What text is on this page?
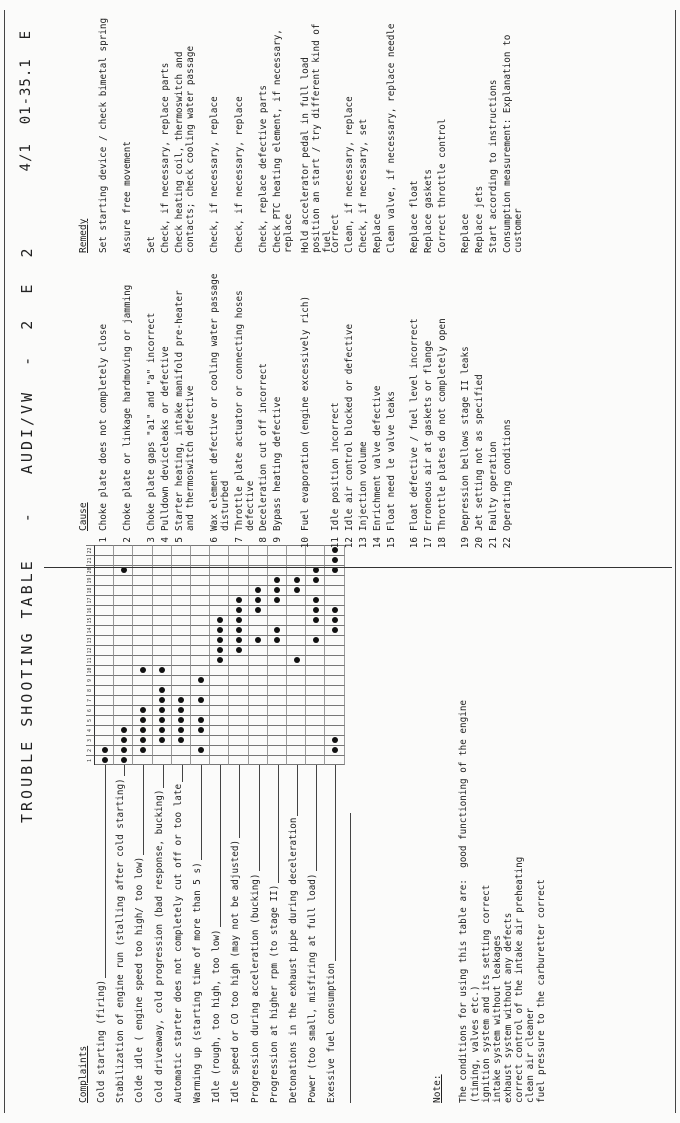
TROUBLE SHOOTING TABLE   -   AUDI/VW  -  2  E  2
4/1  01-35.1  E
Complaints Cold starting (firing) Stabilization of engine run (stalling after cold starting) Colde idle ( engine speed too high/ too low) Cold driveaway, cold progression (bad response, bucking) Automatic starter does not completely cut off or too late Warming up (starting time of more than 5 s) Idle (rough, too high, too low) Idle speed or CO too high (may not be adjusted) Progression during acceleration (bucking) Progression at higher rpm (to stage II) Detonations in the exhaust pipe during deceleration Power (too small, misfiring at full load) Exessive fuel consumption
1
2
3
4
5
6
7
8
9
10
11
12
13
14
15
16
17
18
19
20
21
22
Note: The conditions for using this table are:  good functioning of the engine
(timing, valves etc.) ignition system and its setting correct intake system without leakages exhaust system without any defects correct control of the intake air preheating clean air cleaner fuel pressure to the carburetter correct
Cause
Remedy
1
Choke plate does not completely close
Set starting device / check bimetal spring
2
Choke plate or linkage hardmoving or jamming
Assure free movement
3
Choke plate gaps "a1" and "a" incorrect
Set
4
Pulldown deviceleaks or defective
Check, if necessary, replace parts
5
Starter heating, intake manifold pre-heater and thermoswitch defective
Check heating coil, thermoswitch and contacts; check cooling water passage
6
Wax element defective or cooling water passage disturbed
Check, if necessary, replace
7
Throttle plate actuator or connecting hoses defective
Check, if necessary, replace
8
Deceleration cut off incorrect
Check, replace defective parts
9
Bypass heating defective
Check PTC heating element, if necessary, replace
10
Fuel evaporation (engine excessively rich)
Hold accelerator pedal in full load position an start / try different kind of fuel
11
Idle position incorrect
Correct
12
Idle air control blocked or defective
Clean, if necessary, replace
13
Injection volume
Check, if necessary, set
14
Enrichment valve defective
Replace
15
Float need le valve leaks
Clean valve, if necessary, replace needle
16
Float defective / fuel level incorrect
Replace float
17
Erroneous air at gaskets or flange
Replace gaskets
18
Throttle plates do not completely open
Correct throttle control
19
Depression bellows stage II leaks
Replace
20
Jet setting not as specified
Replace jets
21
Faulty operation
Start according to instructions
22
Operating conditions
Consumption measurement: Explanation to customer
